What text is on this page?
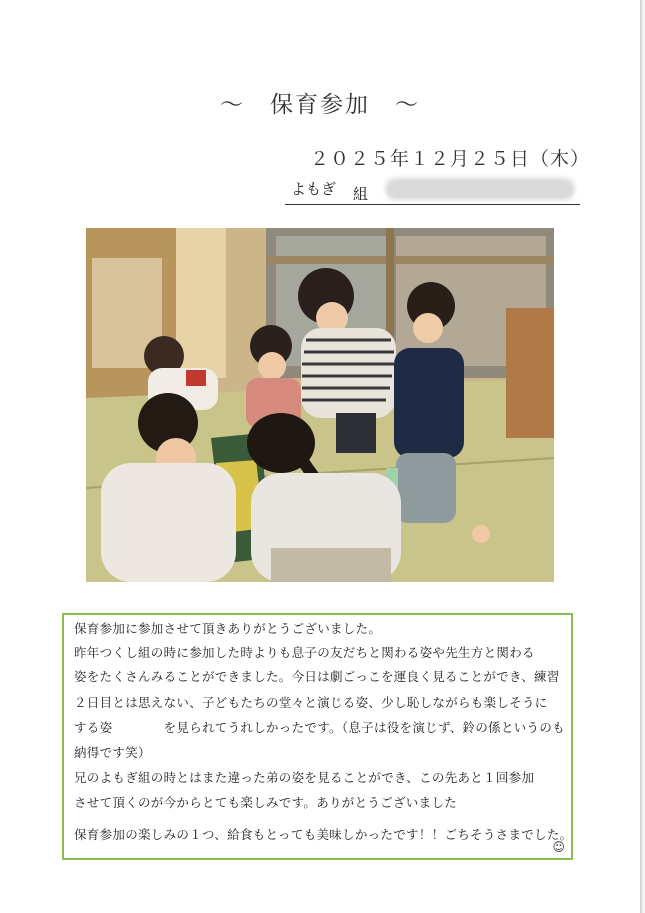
～　保育参加　～
２０２５年１２月２５日（木）
よもぎ 組
保育参加に参加させて頂きありがとうございました。
昨年つくし組の時に参加した時よりも息子の友だちと関わる姿や先生方と関わる
姿をたくさんみることができました。今日は劇ごっこを運良く見ることができ、練習
２日目とは思えない、子どもたちの堂々と演じる姿、少し恥しながらも楽しそうに
する姿　　　　を見られてうれしかったです。（息子は役を演じず、鈴の係というのも
納得です笑）
兄のよもぎ組の時とはまた違った弟の姿を見ることができ、この先あと１回参加
させて頂くのが今からとても楽しみです。ありがとうございました
保育参加の楽しみの１つ、給食もとっても美味しかったです！！ごちそうさまでした。
☺
